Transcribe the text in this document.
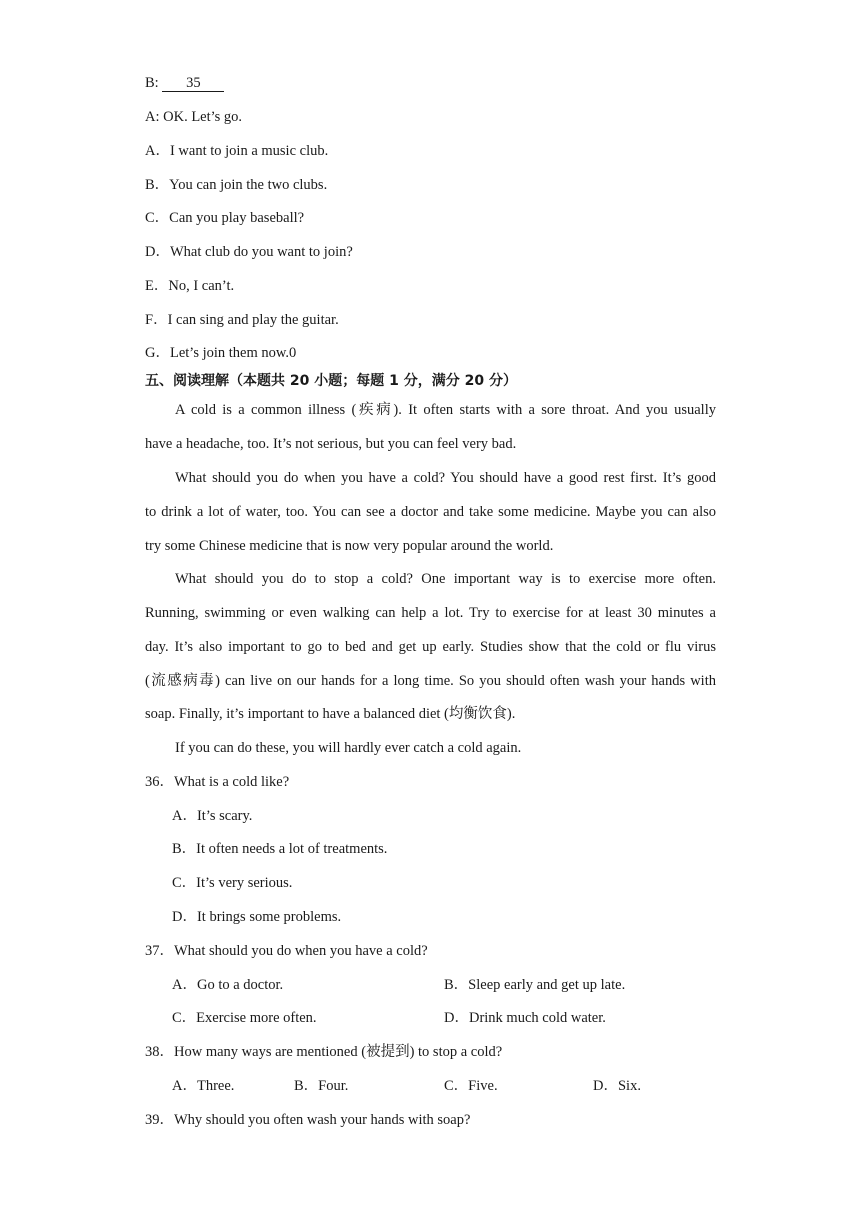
B: 35
A: OK. Let’s go.
A．I want to join a music club.
B．You can join the two clubs.
C．Can you play baseball?
D．What club do you want to join?
E．No, I can’t.
F．I can sing and play the guitar.
G．Let’s join them now.0
五、阅读理解（本题共 20 小题；每题 1 分，满分 20 分）
A cold is a common illness (疾病). It often starts with a sore throat. And you usually
have a headache, too. It’s not serious, but you can feel very bad.
What should you do when you have a cold? You should have a good rest first. It’s good
to drink a lot of water, too. You can see a doctor and take some medicine. Maybe you can also
try some Chinese medicine that is now very popular around the world.
What should you do to stop a cold? One important way is to exercise more often.
Running, swimming or even walking can help a lot. Try to exercise for at least 30 minutes a
day. It’s also important to go to bed and get up early. Studies show that the cold or flu virus
(流感病毒) can live on our hands for a long time. So you should often wash your hands with
soap. Finally, it’s important to have a balanced diet (均衡饮食).
If you can do these, you will hardly ever catch a cold again.
36．What is a cold like?
A．It’s scary.
B．It often needs a lot of treatments.
C．It’s very serious.
D．It brings some problems.
37．What should you do when you have a cold?
A．Go to a doctor.	B．Sleep early and get up late.
C．Exercise more often.	D．Drink much cold water.
38．How many ways are mentioned (被提到) to stop a cold?
A．Three.	B．Four.	C．Five.	D．Six.
39．Why should you often wash your hands with soap?
